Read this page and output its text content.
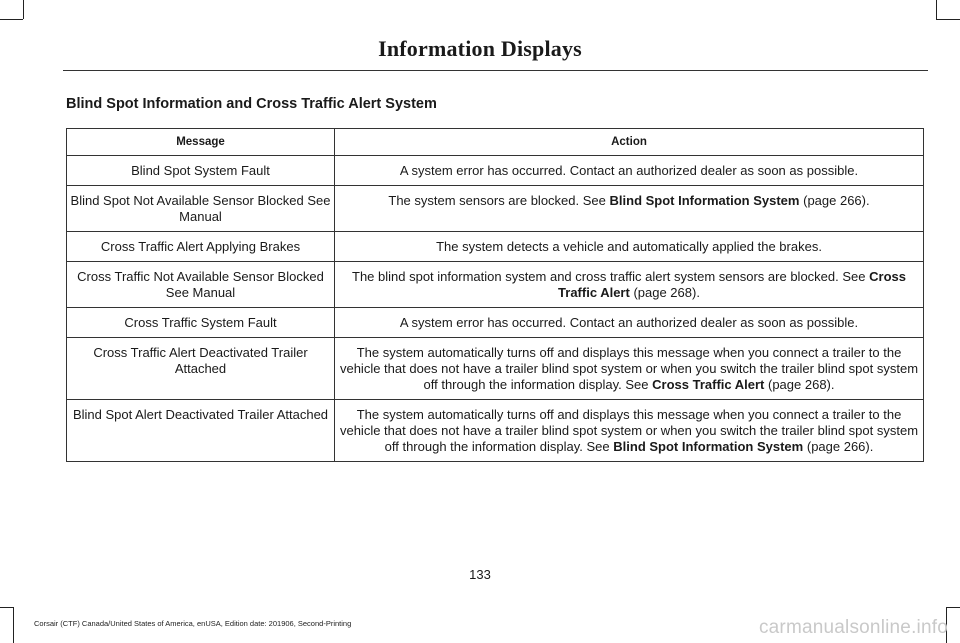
Information Displays
Blind Spot Information and Cross Traffic Alert System
Message	Action
Blind Spot System Fault	A system error has occurred. Contact an authorized dealer as soon as possible.
Blind Spot Not Available Sensor Blocked See Manual	The system sensors are blocked. See Blind Spot Information System (page 266).
Cross Traffic Alert Applying Brakes	The system detects a vehicle and automatically applied the brakes.
Cross Traffic Not Available Sensor Blocked See Manual	The blind spot information system and cross traffic alert system sensors are blocked. See Cross Traffic Alert (page 268).
Cross Traffic System Fault	A system error has occurred. Contact an authorized dealer as soon as possible.
Cross Traffic Alert Deactivated Trailer Attached	The system automatically turns off and displays this message when you connect a trailer to the vehicle that does not have a trailer blind spot system or when you switch the trailer blind spot system off through the information display. See Cross Traffic Alert (page 268).
Blind Spot Alert Deactivated Trailer Attached	The system automatically turns off and displays this message when you connect a trailer to the vehicle that does not have a trailer blind spot system or when you switch the trailer blind spot system off through the information display. See Blind Spot Information System (page 266).
133
Corsair (CTF) Canada/United States of America, enUSA, Edition date: 201906, Second-Printing	carmanualsonline.info
